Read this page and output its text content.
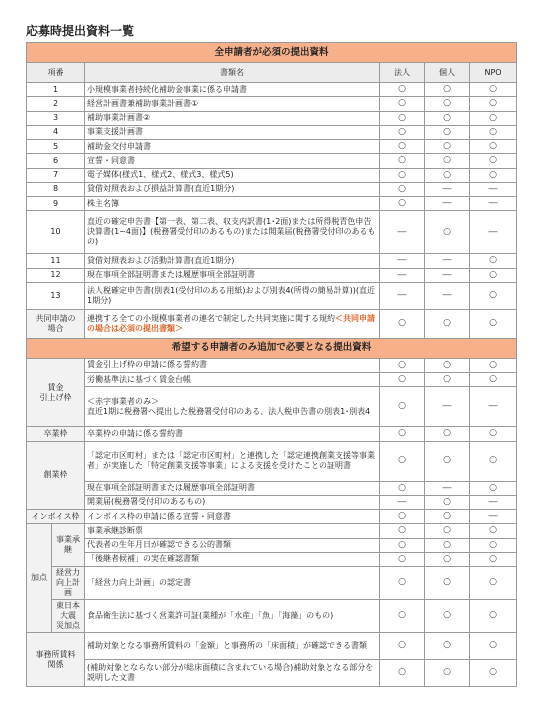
応募時提出資料一覧
全申請者が必須の提出資料					
項番		書類名	法人	個人	NPO
1		小規模事業者持続化補助金事業に係る申請書	○	○	○
2		経営計画書兼補助事業計画書①	○	○	○
3		補助事業計画書②	○	○	○
4		事業支援計画書	○	○	○
5		補助金交付申請書	○	○	○
6		宣誓・同意書	○	○	○
7		電子媒体(様式1、様式2、様式3、様式5)	○	○	○
8		貸借対照表および損益計算書(直近1期分)	○	―	―
9		株主名簿	○	―	―
10		直近の確定申告書【第一表、第二表、収支内訳書(1･2面)または所得税青色申告決算書(1~4面)】(税務署受付印のあるもの)または開業届(税務署受付印のあるもの)	―	○	―
11		貸借対照表および活動計算書(直近1期分)	―	―	○
12		現在事項全部証明書または履歴事項全部証明書	―	―	○
13		法人税確定申告書(別表1(受付印のある用紙)および別表4(所得の簡易計算))(直近1期分)	―	―	○

共同申請の
場合		連携する全ての小規模事業者の連名で制定した共同実施に関する規約＜共同申請の場合は必須の提出書類＞	○	○	○
希望する申請者のみ追加で必要となる提出資料					

賃金
引上げ枠		賃金引上げ枠の申請に係る誓約書	○	○	○
		労働基準法に基づく賃金台帳	○	○	○

		＜赤字事業者のみ＞
直近1期に税務署へ提出した税務署受付印のある、法人税申告書の別表1･別表4	○	―	―
卒業枠		卒業枠の申請に係る誓約書	○	○	○
創業枠		「認定市区町村」または「認定市区町村」と連携した「認定連携創業支援等事業者」が実施した「特定創業支援等事業」による支援を受けたことの証明書	○	○	○
		現在事項全部証明書または履歴事項全部証明書	○	―	○
		開業届(税務署受付印のあるもの)	―	○	―
インボイス枠		インボイス枠の申請に係る宣誓・同意書	○	○	―
加点	事業承継	事業承継診断票	○	○	○
		代表者の生年月日が確認できる公的書類	○	○	○
		「後継者候補」の実在確認書類	○	○	○

	経営力
向上計画	「経営力向上計画」の認定書	○	○	○

	東日本大震
災加点	食品衛生法に基づく営業許可証(業種が「水産」「魚」「海藻」のもの)	○	○	○

事務所賃料
関係		補助対象となる事務所賃料の「金額」と事務所の「床面積」が確認できる書類	○	○	○
		(補助対象とならない部分が総床面積に含まれている場合)補助対象となる部分を説明した文書	○	○	○
